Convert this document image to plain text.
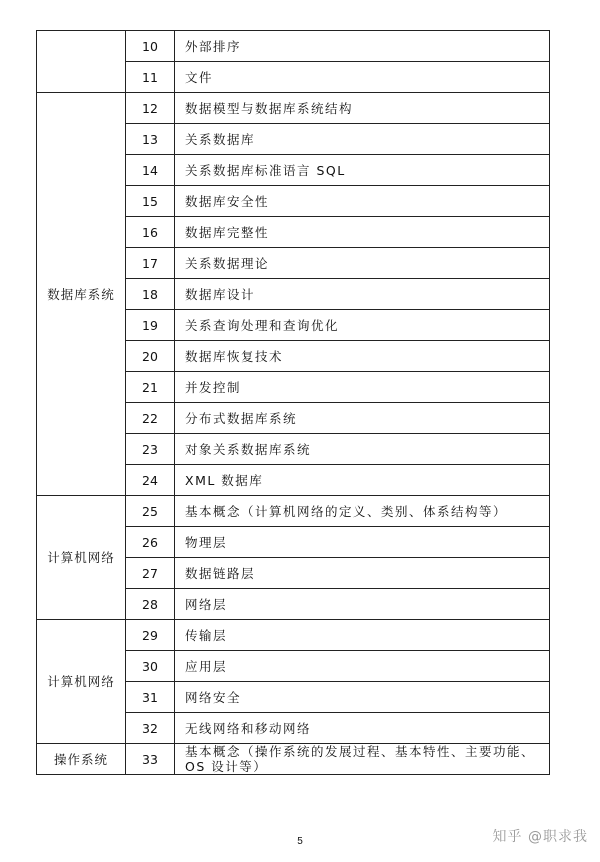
	10	外部排序
	11	文件
数据库系统	12	数据模型与数据库系统结构
	13	关系数据库
	14	关系数据库标准语言 SQL
	15	数据库安全性
	16	数据库完整性
	17	关系数据理论
	18	数据库设计
	19	关系查询处理和查询优化
	20	数据库恢复技术
	21	并发控制
	22	分布式数据库系统
	23	对象关系数据库系统
	24	XML 数据库
计算机网络	25	基本概念（计算机网络的定义、类别、体系结构等）
	26	物理层
	27	数据链路层
	28	网络层
计算机网络	29	传输层
	30	应用层
	31	网络安全
	32	无线网络和移动网络
操作系统	33	基本概念（操作系统的发展过程、基本特性、主要功能、OS 设计等）
5	知乎 @职求我
